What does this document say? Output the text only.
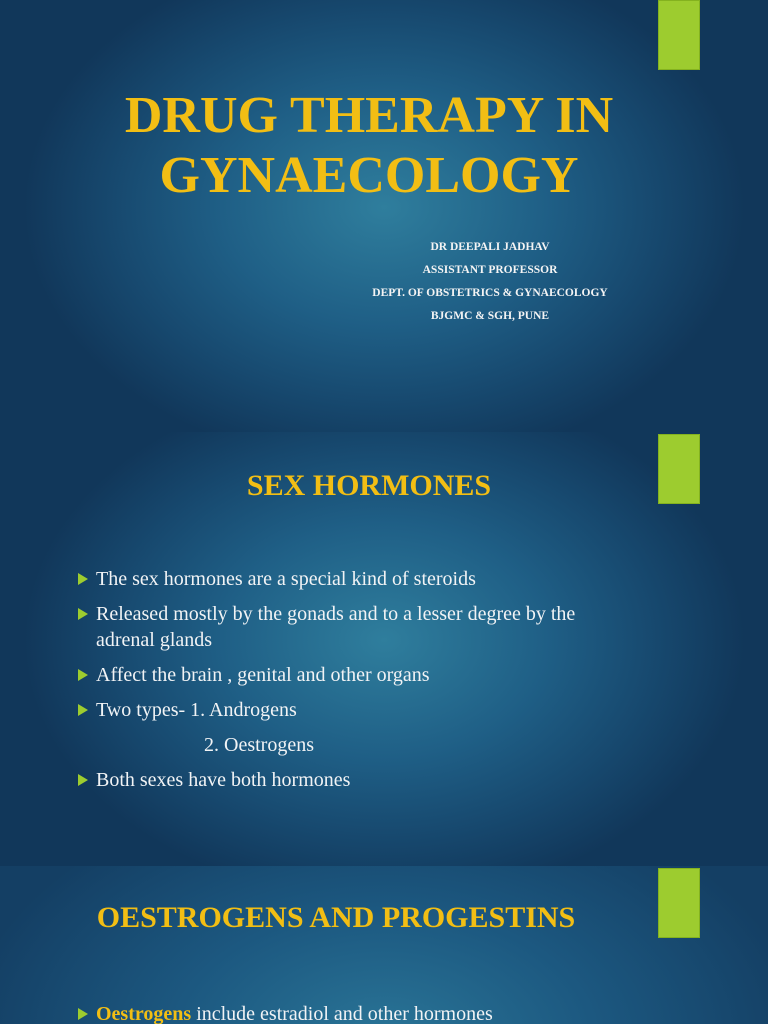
DRUG THERAPY IN
GYNAECOLOGY
DR DEEPALI JADHAV
ASSISTANT PROFESSOR
DEPT. OF OBSTETRICS & GYNAECOLOGY
BJGMC & SGH, PUNE
SEX HORMONES
The sex hormones are a special kind of steroids
Released mostly by the gonads and to a lesser degree by the adrenal glands
Affect the brain , genital and other organs
Two types- 1. Androgens
2. Oestrogens
Both sexes have both hormones
OESTROGENS AND PROGESTINS
Oestrogens include estradiol and other hormones
